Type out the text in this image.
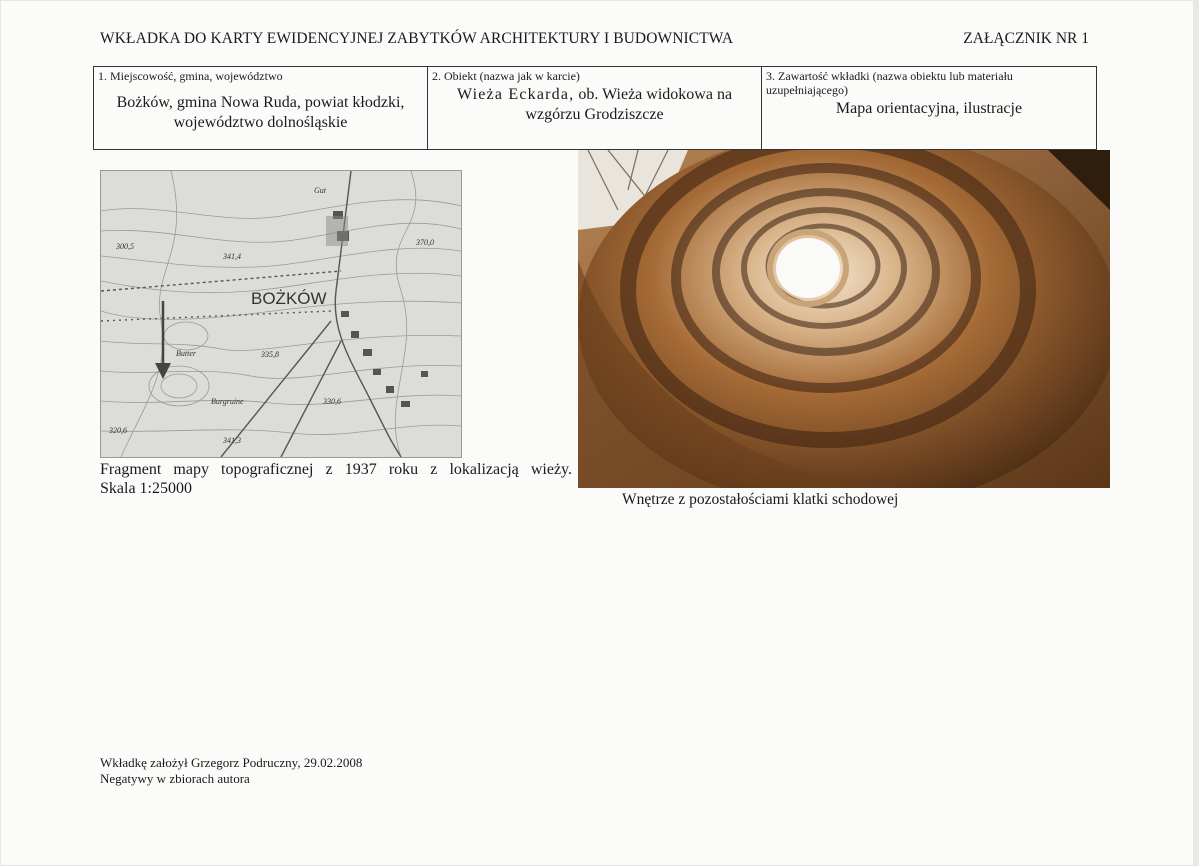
WKŁADKA DO KARTY EWIDENCYJNEJ ZABYTKÓW ARCHITEKTURY I BUDOWNICTWA	ZAŁĄCZNIK NR 1
1. Miejscowość, gmina, województwo
Bożków, gmina Nowa Ruda, powiat kłodzki, województwo dolnośląskie

2. Obiekt (nazwa jak w karcie)
Wieża Eckarda, ob. Wieża widokowa na wzgórzu Grodziszcze

3. Zawartość wkładki (nazwa obiektu lub materiału uzupełniającego)
Mapa orientacyjna, ilustracje
BOŻKÓW
Gut
Butter
Burgruine
300,5
341,4
335,8
330,6
320,6
341,3
370,0
Fragment mapy topograficznej z 1937 roku z lokalizacją wieży.
Skala 1:25000
Wnętrze z pozostałościami klatki schodowej
Wkładkę założył Grzegorz Podruczny, 29.02.2008
Negatywy w zbiorach autora
